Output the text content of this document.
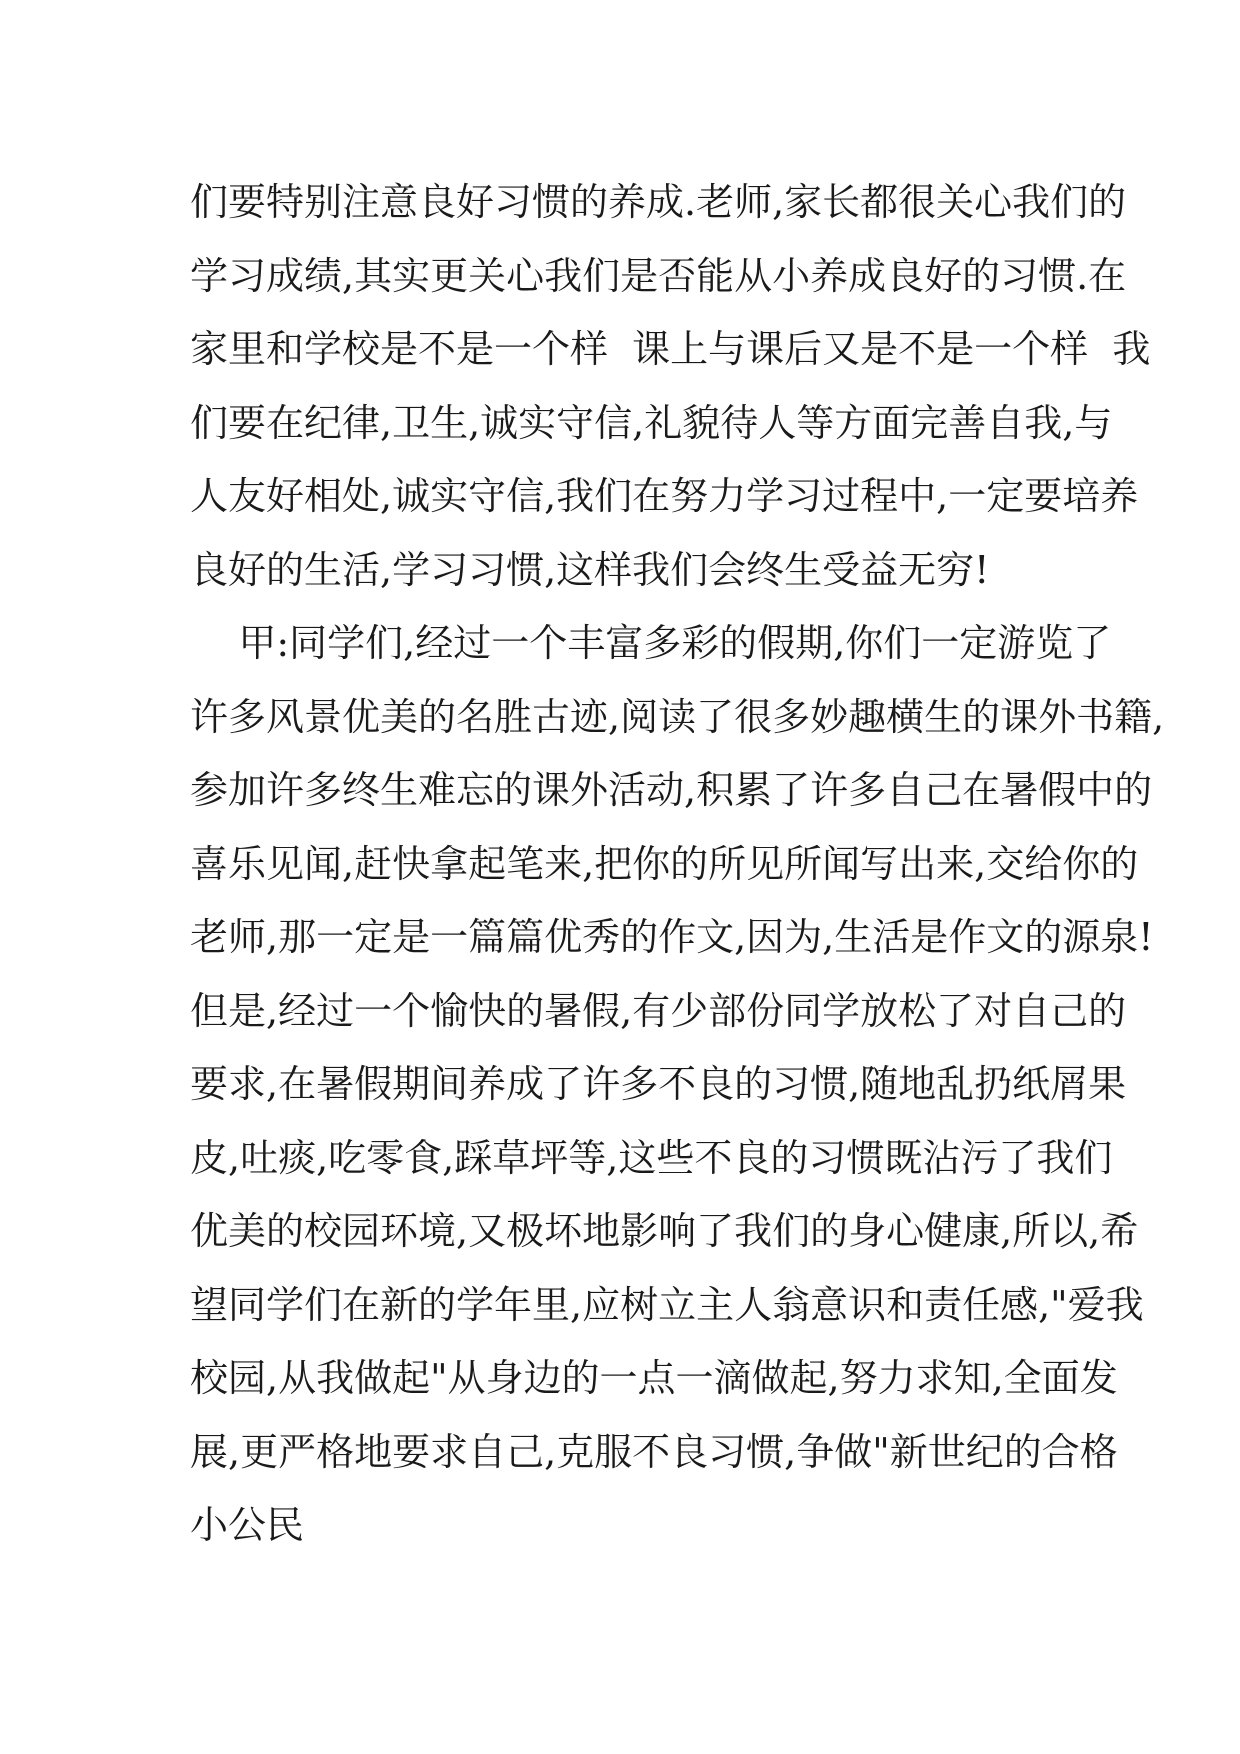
们要特别注意良好习惯的养成.老师,家长都很关心我们的
学习成绩,其实更关心我们是否能从小养成良好的习惯.在
家里和学校是不是一个样  课上与课后又是不是一个样  我
们要在纪律,卫生,诚实守信,礼貌待人等方面完善自我,与
人友好相处,诚实守信,我们在努力学习过程中,一定要培养
良好的生活,学习习惯,这样我们会终生受益无穷!
甲:同学们,经过一个丰富多彩的假期,你们一定游览了
许多风景优美的名胜古迹,阅读了很多妙趣横生的课外书籍,
参加许多终生难忘的课外活动,积累了许多自己在暑假中的
喜乐见闻,赶快拿起笔来,把你的所见所闻写出来,交给你的
老师,那一定是一篇篇优秀的作文,因为,生活是作文的源泉!
但是,经过一个愉快的暑假,有少部份同学放松了对自己的
要求,在暑假期间养成了许多不良的习惯,随地乱扔纸屑果
皮,吐痰,吃零食,踩草坪等,这些不良的习惯既沾污了我们
优美的校园环境,又极坏地影响了我们的身心健康,所以,希
望同学们在新的学年里,应树立主人翁意识和责任感,"爱我
校园,从我做起"从身边的一点一滴做起,努力求知,全面发
展,更严格地要求自己,克服不良习惯,争做"新世纪的合格
小公民
